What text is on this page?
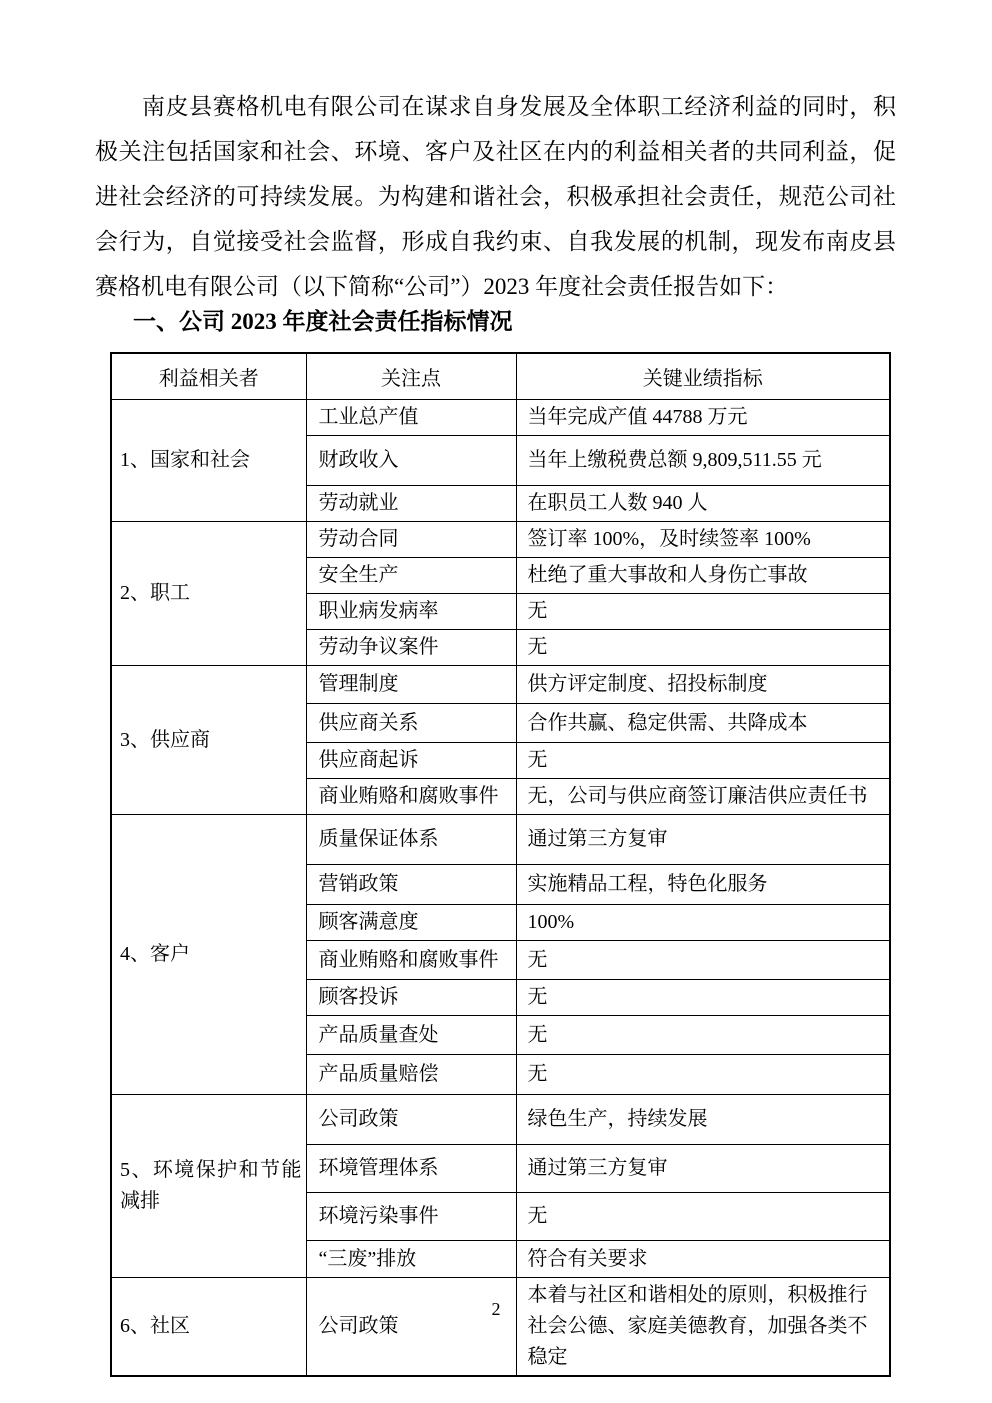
南皮县赛格机电有限公司在谋求自身发展及全体职工经济利益的同时，积极关注包括国家和社会、环境、客户及社区在内的利益相关者的共同利益，促进社会经济的可持续发展。为构建和谐社会，积极承担社会责任，规范公司社会行为，自觉接受社会监督，形成自我约束、自我发展的机制，现发布南皮县赛格机电有限公司（以下简称“公司”）2023 年度社会责任报告如下：

一、公司 2023 年度社会责任指标情况
利益相关者	关注点	关键业绩指标
1、国家和社会	工业总产值	当年完成产值 44788 万元
	财政收入	当年上缴税费总额 9,809,511.55 元
	劳动就业	在职员工人数 940 人
2、职工	劳动合同	签订率 100%，及时续签率 100%
	安全生产	杜绝了重大事故和人身伤亡事故
	职业病发病率	无
	劳动争议案件	无
3、供应商	管理制度	供方评定制度、招投标制度
	供应商关系	合作共赢、稳定供需、共降成本
	供应商起诉	无
	商业贿赂和腐败事件	无，公司与供应商签订廉洁供应责任书
4、客户	质量保证体系	通过第三方复审
	营销政策	实施精品工程，特色化服务
	顾客满意度	100%
	商业贿赂和腐败事件	无
	顾客投诉	无
	产品质量查处	无
	产品质量赔偿	无
5、环境保护和节能减排	公司政策	绿色生产，持续发展
	环境管理体系	通过第三方复审
	环境污染事件	无
	“三废”排放	符合有关要求
6、社区	公司政策	本着与社区和谐相处的原则，积极推行社会公德、家庭美德教育，加强各类不稳定
2
